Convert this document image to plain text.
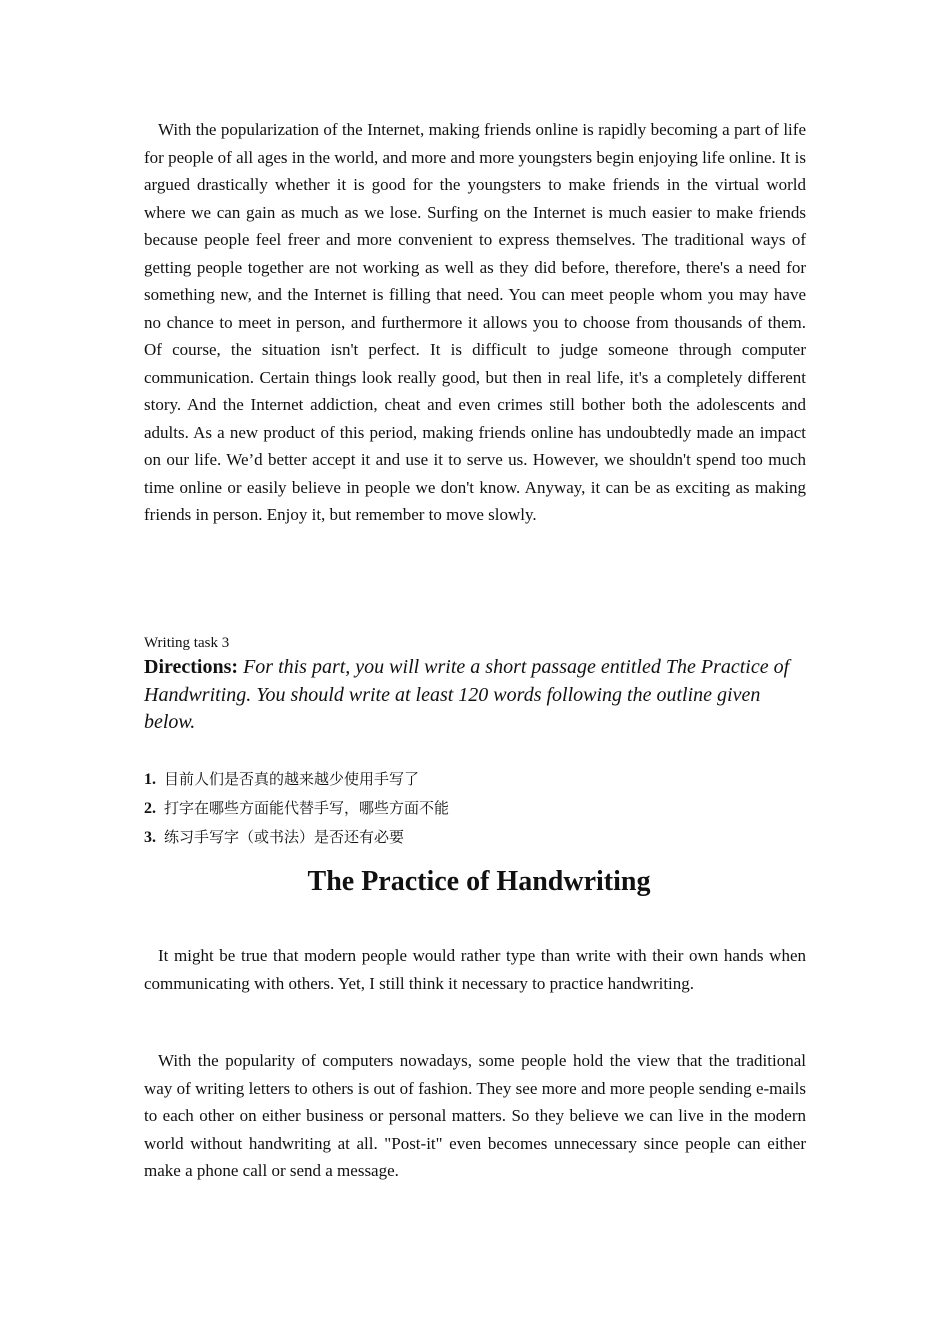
With the popularization of the Internet, making friends online is rapidly becoming a part of life for people of all ages in the world, and more and more youngsters begin enjoying life online. It is argued drastically whether it is good for the youngsters to make friends in the virtual world where we can gain as much as we lose. Surfing on the Internet is much easier to make friends because people feel freer and more convenient to express themselves. The traditional ways of getting people together are not working as well as they did before, therefore, there's a need for something new, and the Internet is filling that need. You can meet people whom you may have no chance to meet in person, and furthermore it allows you to choose from thousands of them. Of course, the situation isn't perfect. It is difficult to judge someone through computer communication. Certain things look really good, but then in real life, it's a completely different story. And the Internet addiction, cheat and even crimes still bother both the adolescents and adults. As a new product of this period, making friends online has undoubtedly made an impact on our life. We’d better accept it and use it to serve us. However, we shouldn't spend too much time online or easily believe in people we don't know. Anyway, it can be as exciting as making friends in person. Enjoy it, but remember to move slowly.

Writing task 3

Directions: For this part, you will write a short passage entitled The Practice of Handwriting. You should write at least 120 words following the outline given below.

1. 目前人们是否真的越来越少使用手写了
2. 打字在哪些方面能代替手写，哪些方面不能
3. 练习手写字（或书法）是否还有必要
The Practice of Handwriting

It might be true that modern people would rather type than write with their own hands when communicating with others. Yet, I still think it necessary to practice handwriting.

With the popularity of computers nowadays, some people hold the view that the traditional way of writing letters to others is out of fashion. They see more and more people sending e-mails to each other on either business or personal matters. So they believe we can live in the modern world without handwriting at all. "Post-it" even becomes unnecessary since people can either make a phone call or send a message.
